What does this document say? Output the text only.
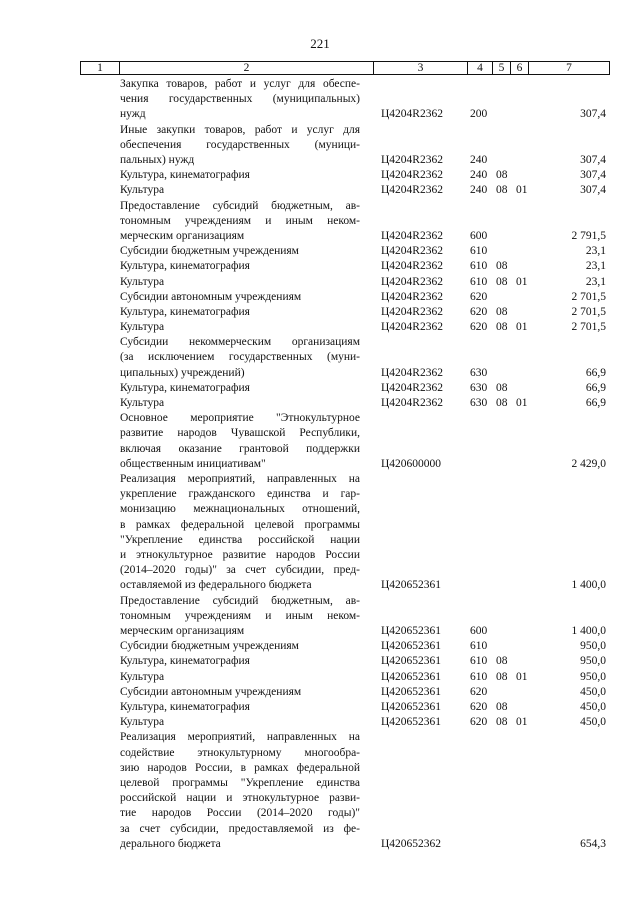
221
1	2	3	4	5	6	7
Закупка товаров, работ и услуг для обеспе-
чения государственных (муниципальных)
нужд	Ц4204R2362 200	307,4
Иные закупки товаров, работ и услуг для
обеспечения государственных (муници-
пальных) нужд	Ц4204R2362 240	307,4
Культура, кинематография	Ц4204R2362 240 08	307,4
Культура	Ц4204R2362 240 08 01	307,4
Предоставление субсидий бюджетным, ав-
тономным учреждениям и иным неком-
мерческим организациям	Ц4204R2362 600	2 791,5
Субсидии бюджетным учреждениям	Ц4204R2362 610	23,1
Культура, кинематография	Ц4204R2362 610 08	23,1
Культура	Ц4204R2362 610 08 01	23,1
Субсидии автономным учреждениям	Ц4204R2362 620	2 701,5
Культура, кинематография	Ц4204R2362 620 08	2 701,5
Культура	Ц4204R2362 620 08 01	2 701,5
Субсидии некоммерческим организациям
(за исключением государственных (муни-
ципальных) учреждений)	Ц4204R2362 630	66,9
Культура, кинематография	Ц4204R2362 630 08	66,9
Культура	Ц4204R2362 630 08 01	66,9
Основное мероприятие "Этнокультурное
развитие народов Чувашской Республики,
включая оказание грантовой поддержки
общественным инициативам"	Ц420600000	2 429,0
Реализация мероприятий, направленных на
укрепление гражданского единства и гар-
монизацию межнациональных отношений,
в рамках федеральной целевой программы
"Укрепление единства российской нации
и этнокультурное развитие народов России
(2014–2020 годы)" за счет субсидии, пред-
оставляемой из федерального бюджета	Ц420652361	1 400,0
Предоставление субсидий бюджетным, ав-
тономным учреждениям и иным неком-
мерческим организациям	Ц420652361	600	1 400,0
Субсидии бюджетным учреждениям	Ц420652361	610	950,0
Культура, кинематография	Ц420652361	610 08	950,0
Культура	Ц420652361	610 08 01	950,0
Субсидии автономным учреждениям	Ц420652361	620	450,0
Культура, кинематография	Ц420652361	620 08	450,0
Культура	Ц420652361	620 08 01	450,0
Реализация мероприятий, направленных на
содействие этнокультурному многообра-
зию народов России, в рамках федеральной
целевой программы "Укрепление единства
российской нации и этнокультурное разви-
тие народов России (2014–2020 годы)"
за счет субсидии, предоставляемой из фе-
дерального бюджета	Ц420652362	654,3
